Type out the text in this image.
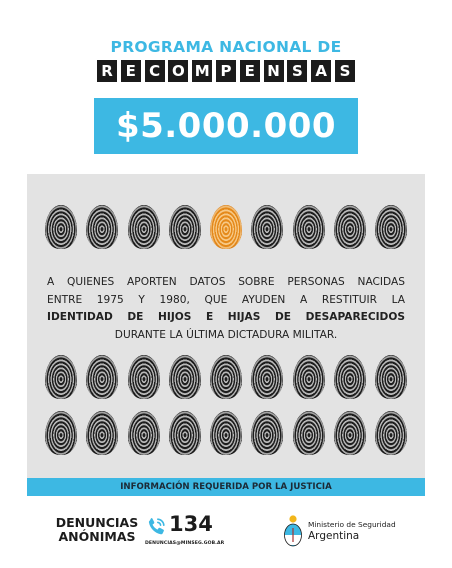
PROGRAMA NACIONAL DE
R E C O M P E N S A S
$5.000.000
A QUIENES APORTEN DATOS SOBRE PERSONAS NACIDAS
ENTRE 1975 Y 1980, QUE AYUDEN A RESTITUIR LA
IDENTIDAD DE HIJOS E HIJAS DE DESAPARECIDOS
DURANTE LA ÚLTIMA DICTADURA MILITAR.
INFORMACIÓN REQUERIDA POR LA JUSTICIA
DENUNCIAS
ANÓNIMAS
134
DENUNCIAS@MINSEG.GOB.AR
Ministerio de Seguridad
Argentina
